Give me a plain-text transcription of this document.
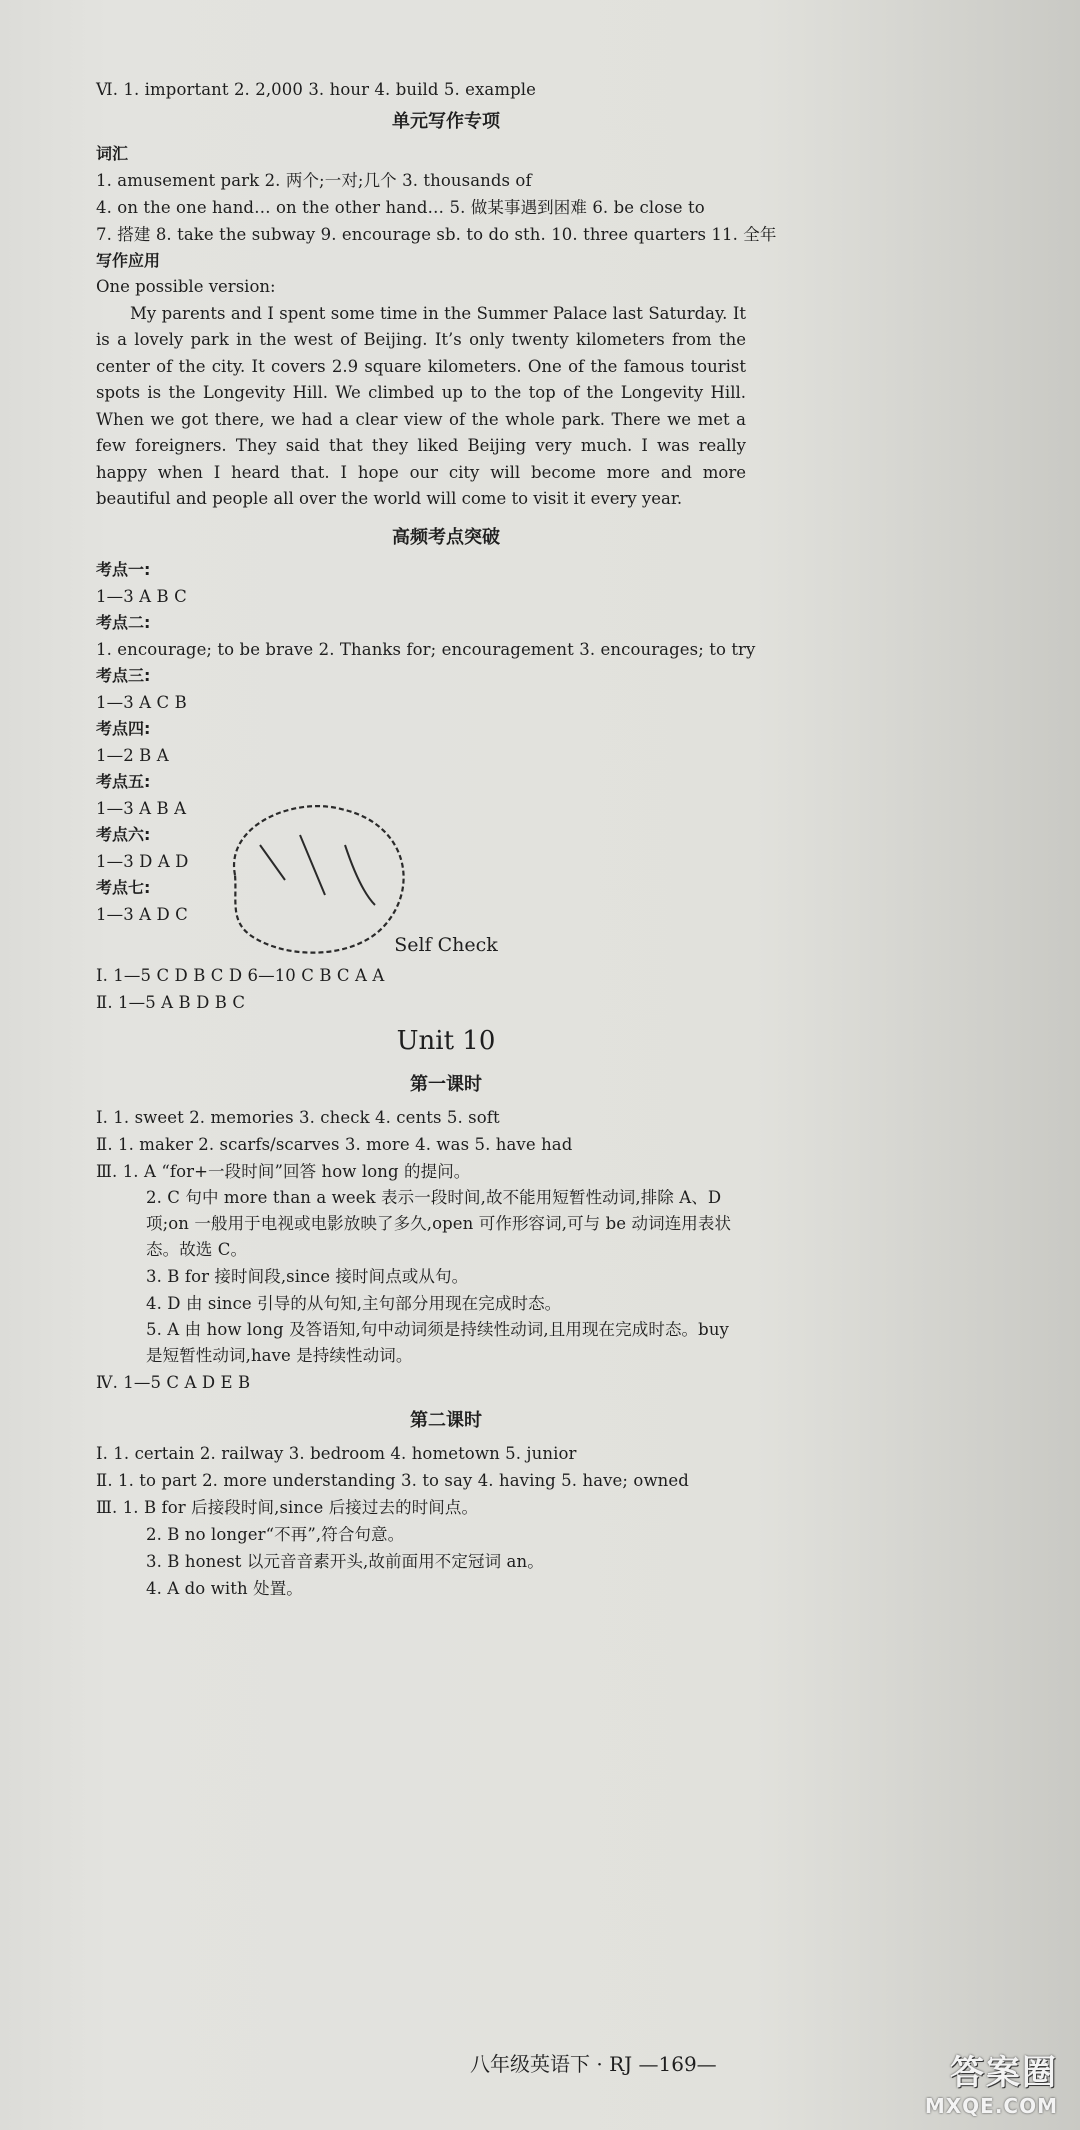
Ⅵ. 1. important 2. 2,000 3. hour 4. build 5. example
单元写作专项
词汇
1. amusement park 2. 两个;一对;几个 3. thousands of
4. on the one hand… on the other hand… 5. 做某事遇到困难 6. be close to
7. 搭建 8. take the subway 9. encourage sb. to do sth. 10. three quarters 11. 全年
写作应用
One possible version:
My parents and I spent some time in the Summer Palace last Saturday. It is a lovely park in the west of Beijing. It’s only twenty kilometers from the center of the city. It covers 2.9 square kilometers. One of the famous tourist spots is the Longevity Hill. We climbed up to the top of the Longevity Hill. When we got there, we had a clear view of the whole park. There we met a few foreigners. They said that they liked Beijing very much. I was really happy when I heard that. I hope our city will become more and more beautiful and people all over the world will come to visit it every year.
高频考点突破
考点一:
1—3 A B C
考点二:
1. encourage; to be brave 2. Thanks for; encouragement 3. encourages; to try
考点三:
1—3 A C B
考点四:
1—2 B A
考点五:
1—3 A B A
考点六:
1—3 D A D
考点七:
1—3 A D C
Self Check
Ⅰ. 1—5 C D B C D 6—10 C B C A A
Ⅱ. 1—5 A B D B C
Unit 10
第一课时
Ⅰ. 1. sweet 2. memories 3. check 4. cents 5. soft
Ⅱ. 1. maker 2. scarfs/scarves 3. more 4. was 5. have had
Ⅲ. 1. A “for+一段时间”回答 how long 的提问。
2. C 句中 more than a week 表示一段时间,故不能用短暂性动词,排除 A、D 项;on 一般用于电视或电影放映了多久,open 可作形容词,可与 be 动词连用表状态。故选 C。
3. B for 接时间段,since 接时间点或从句。
4. D 由 since 引导的从句知,主句部分用现在完成时态。
5. A 由 how long 及答语知,句中动词须是持续性动词,且用现在完成时态。buy 是短暂性动词,have 是持续性动词。
Ⅳ. 1—5 C A D E B
第二课时
Ⅰ. 1. certain 2. railway 3. bedroom 4. hometown 5. junior
Ⅱ. 1. to part 2. more understanding 3. to say 4. having 5. have; owned
Ⅲ. 1. B for 后接段时间,since 后接过去的时间点。
2. B no longer“不再”,符合句意。
3. B honest 以元音音素开头,故前面用不定冠词 an。
4. A do with 处置。
八年级英语下 · RJ —169—	答案圈
MXQE.COM
